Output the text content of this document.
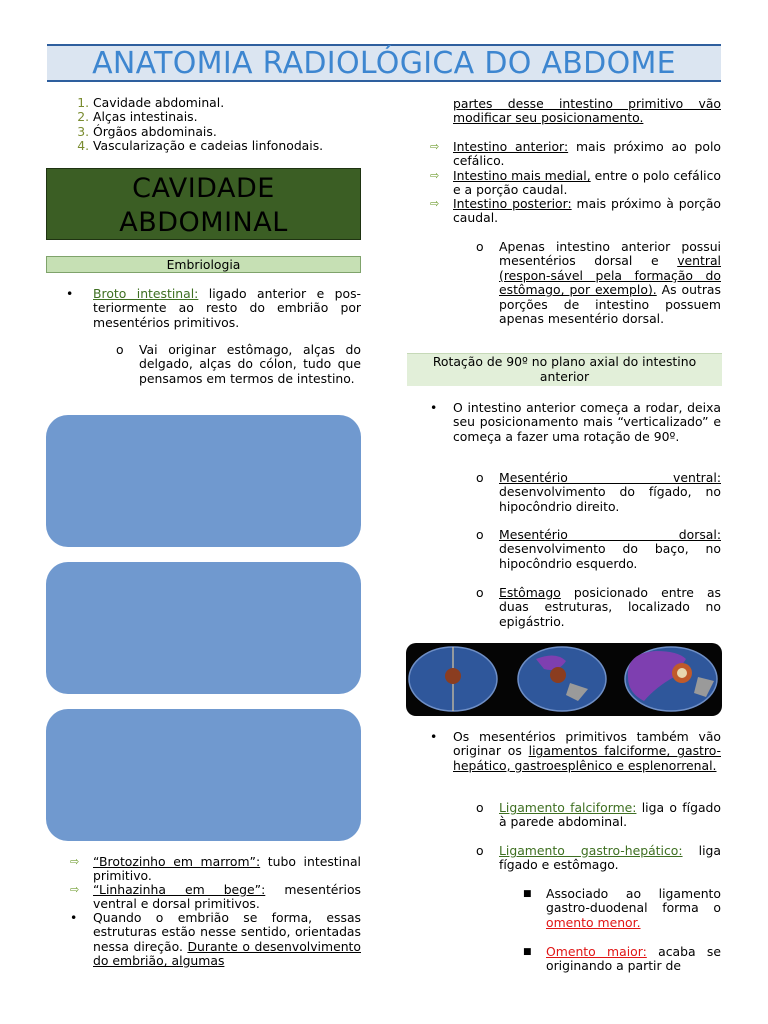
ANATOMIA RADIOLÓGICA DO ABDOME
1. Cavidade abdominal.
2. Alças intestinais.
3. Órgãos abdominais.
4. Vascularização e cadeias linfonodais.
CAVIDADE
ABDOMINAL
Embriologia
• Broto intestinal: ligado anterior e pos-teriormente ao resto do embrião por mesentérios primitivos.
o Vai originar estômago, alças do delgado, alças do cólon, tudo que pensamos em termos de intestino.
⇨ “Brotozinho em marrom”: tubo intestinal primitivo.
⇨ “Linhazinha em bege”: mesentérios ventral e dorsal primitivos.
• Quando o embrião se forma, essas estruturas estão nesse sentido, orientadas nessa direção. Durante o desenvolvimento do embrião, algumas
partes desse intestino primitivo vão modificar seu posicionamento.
⇨ Intestino anterior: mais próximo ao polo cefálico.
⇨ Intestino mais medial, entre o polo cefálico e a porção caudal.
⇨ Intestino posterior: mais próximo à porção caudal.
o Apenas intestino anterior possui mesentérios dorsal e ventral (respon-sável pela formação do estômago, por exemplo). As outras porções de intestino possuem apenas mesentério dorsal.
Rotação de 90º no plano axial do intestino anterior
• O intestino anterior começa a rodar, deixa seu posicionamento mais “verticalizado” e começa a fazer uma rotação de 90º.
o Mesentério ventral: desenvolvimento do fígado, no hipocôndrio direito.
o Mesentério dorsal: desenvolvimento do baço, no hipocôndrio esquerdo.
o Estômago posicionado entre as duas estruturas, localizado no epigástrio.
• Os mesentérios primitivos também vão originar os ligamentos falciforme, gastro-hepático, gastroesplênico e esplenorrenal.
o Ligamento falciforme: liga o fígado à parede abdominal.
o Ligamento gastro-hepático: liga fígado e estômago.
■ Associado ao ligamento gastro-duodenal forma o omento menor.
■ Omento maior: acaba se originando a partir de
